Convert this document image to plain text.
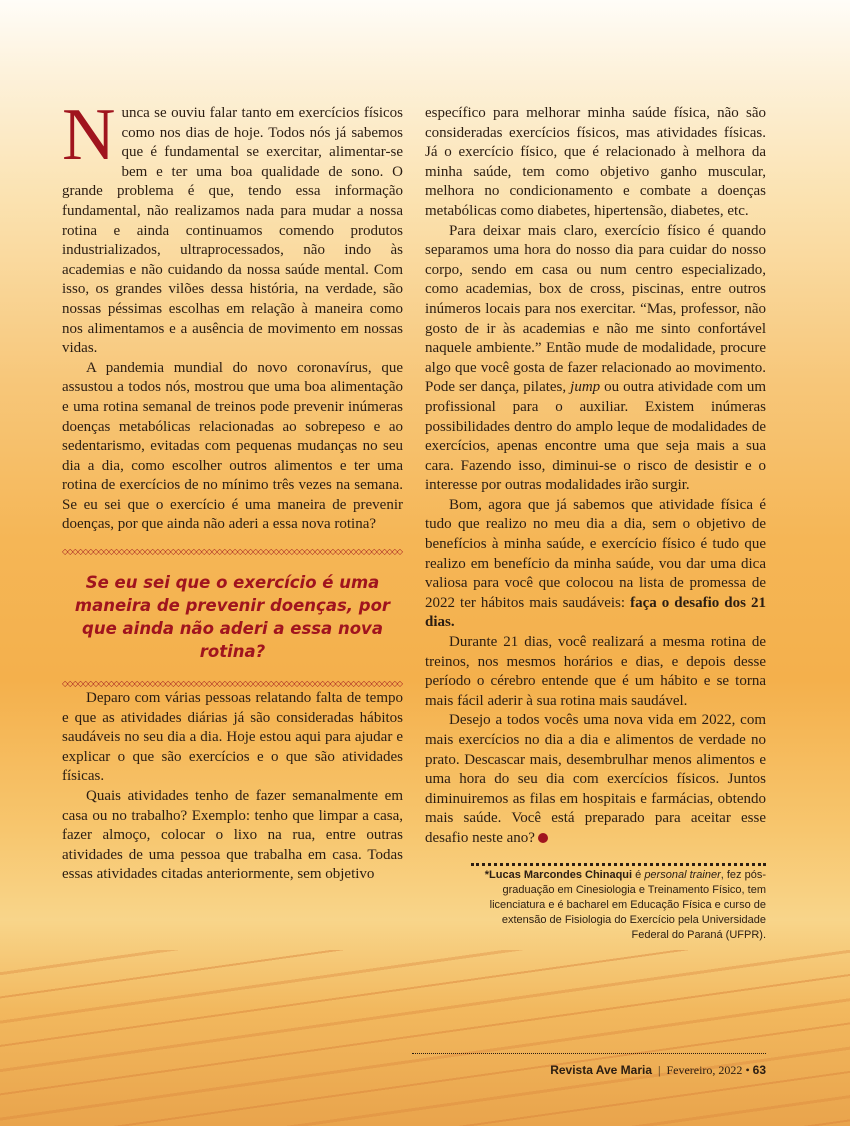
Nunca se ouviu falar tanto em exercícios físicos como nos dias de hoje. Todos nós já sabemos que é fundamental se exercitar, alimentar-se bem e ter uma boa qualidade de sono. O grande problema é que, tendo essa informação fundamental, não realizamos nada para mudar a nossa rotina e ainda continuamos comendo produtos industrializados, ultraprocessados, não indo às academias e não cuidando da nossa saúde mental. Com isso, os grandes vilões dessa história, na verdade, são nossas péssimas escolhas em relação à maneira como nos alimentamos e a ausência de movimento em nossas vidas.

A pandemia mundial do novo coronavírus, que assustou a todos nós, mostrou que uma boa alimentação e uma rotina semanal de treinos pode prevenir inúmeras doenças metabólicas relacionadas ao sobrepeso e ao sedentarismo, evitadas com pequenas mudanças no seu dia a dia, como escolher outros alimentos e ter uma rotina de exercícios de no mínimo três vezes na semana. Se eu sei que o exercício é uma maneira de prevenir doenças, por que ainda não aderi a essa nova rotina?

◇◇◇◇◇◇◇◇◇◇◇◇◇◇◇◇◇◇◇◇◇◇◇◇◇◇◇◇◇◇◇◇◇◇◇◇◇◇◇◇◇◇◇◇◇◇◇◇◇◇◇◇◇◇◇◇◇◇◇◇◇◇◇◇◇◇
Se eu sei que o exercício é uma maneira de prevenir doenças, por que ainda não aderi a essa nova rotina?
◇◇◇◇◇◇◇◇◇◇◇◇◇◇◇◇◇◇◇◇◇◇◇◇◇◇◇◇◇◇◇◇◇◇◇◇◇◇◇◇◇◇◇◇◇◇◇◇◇◇◇◇◇◇◇◇◇◇◇◇◇◇◇◇◇◇

Deparo com várias pessoas relatando falta de tempo e que as atividades diárias já são consideradas hábitos saudáveis no seu dia a dia. Hoje estou aqui para ajudar e explicar o que são exercícios e o que são atividades físicas.

Quais atividades tenho de fazer semanalmente em casa ou no trabalho? Exemplo: tenho que limpar a casa, fazer almoço, colocar o lixo na rua, entre outras atividades de uma pessoa que trabalha em casa. Todas essas atividades citadas anteriormente, sem objetivo

específico para melhorar minha saúde física, não são consideradas exercícios físicos, mas atividades físicas. Já o exercício físico, que é relacionado à melhora da minha saúde, tem como objetivo ganho muscular, melhora no condicionamento e combate a doenças metabólicas como diabetes, hipertensão, diabetes, etc.

Para deixar mais claro, exercício físico é quando separamos uma hora do nosso dia para cuidar do nosso corpo, sendo em casa ou num centro especializado, como academias, box de cross, piscinas, entre outros inúmeros locais para nos exercitar. “Mas, professor, não gosto de ir às academias e não me sinto confortável naquele ambiente.” Então mude de modalidade, procure algo que você gosta de fazer relacionado ao movimento. Pode ser dança, pilates, jump ou outra atividade com um profissional para o auxiliar. Existem inúmeras possibilidades dentro do amplo leque de modalidades de exercícios, apenas encontre uma que seja mais a sua cara. Fazendo isso, diminui-se o risco de desistir e o interesse por outras modalidades irão surgir.

Bom, agora que já sabemos que atividade física é tudo que realizo no meu dia a dia, sem o objetivo de benefícios à minha saúde, e exercício físico é tudo que realizo em benefício da minha saúde, vou dar uma dica valiosa para você que colocou na lista de promessa de 2022 ter hábitos mais saudáveis: faça o desafio dos 21 dias.

Durante 21 dias, você realizará a mesma rotina de treinos, nos mesmos horários e dias, e depois desse período o cérebro entende que é um hábito e se torna mais fácil aderir à sua rotina mais saudável.

Desejo a todos vocês uma nova vida em 2022, com mais exercícios no dia a dia e alimentos de verdade no prato. Descascar mais, desembrulhar menos alimentos e uma hora do seu dia com exercícios físicos. Juntos diminuiremos as filas em hospitais e farmácias, obtendo mais saúde. Você está preparado para aceitar esse desafio neste ano?

*Lucas Marcondes Chinaqui é personal trainer, fez pós-graduação em Cinesiologia e Treinamento Físico, tem licenciatura e é bacharel em Educação Física e curso de extensão de Fisiologia do Exercício pela Universidade Federal do Paraná (UFPR).
Revista Ave Maria | Fevereiro, 2022 • 63
